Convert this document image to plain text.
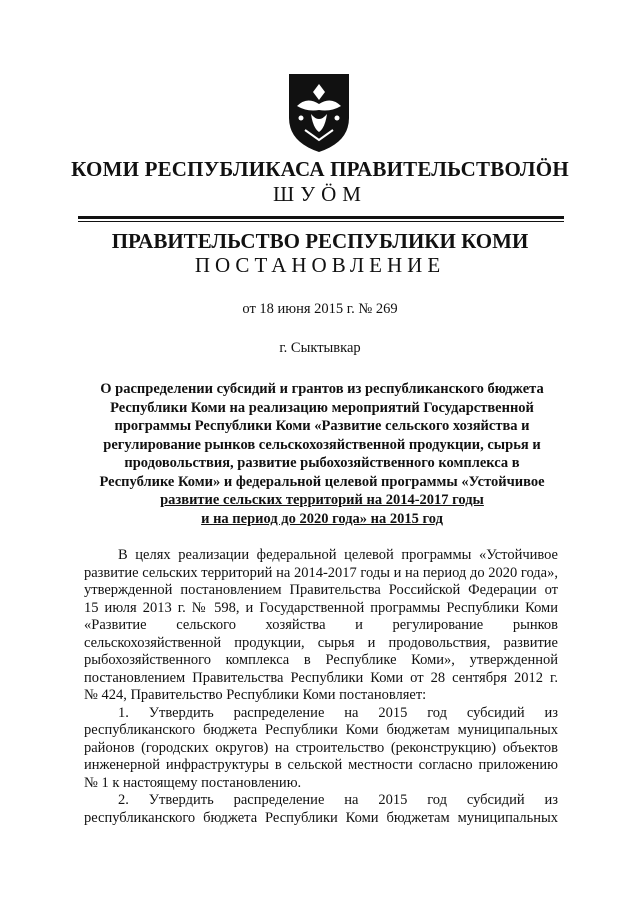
КОМИ РЕСПУБЛИКАСА ПРАВИТЕЛЬСТВОЛÖН
ШУÖМ
ПРАВИТЕЛЬСТВО РЕСПУБЛИКИ КОМИ
ПОСТАНОВЛЕНИЕ
от 18 июня 2015 г. № 269
г. Сыктывкар
О распределении субсидий и грантов из республиканского бюджета
Республики Коми на реализацию мероприятий Государственной
программы Республики Коми «Развитие сельского хозяйства и
регулирование рынков сельскохозяйственной продукции, сырья и
продовольствия, развитие рыбохозяйственного комплекса в
Республике Коми» и федеральной целевой программы «Устойчивое
развитие сельских территорий на 2014-2017 годы
и на период до 2020 года» на 2015 год
В целях реализации федеральной целевой программы «Устойчивое
развитие сельских территорий на 2014-2017 годы и на период до 2020 года»,
утвержденной постановлением Правительства Российской Федерации от
15 июля 2013 г. № 598, и Государственной программы Республики Коми
«Развитие сельского хозяйства и регулирование рынков
сельскохозяйственной продукции, сырья и продовольствия, развитие
рыбохозяйственного комплекса в Республике Коми», утвержденной
постановлением Правительства Республики Коми от 28 сентября 2012 г.
№ 424, Правительство Республики Коми постановляет:
1. Утвердить распределение на 2015 год субсидий из
республиканского бюджета Республики Коми бюджетам муниципальных
районов (городских округов) на строительство (реконструкцию) объектов
инженерной инфраструктуры в сельской местности согласно приложению
№ 1 к настоящему постановлению.
2. Утвердить распределение на 2015 год субсидий из
республиканского бюджета Республики Коми бюджетам муниципальных
